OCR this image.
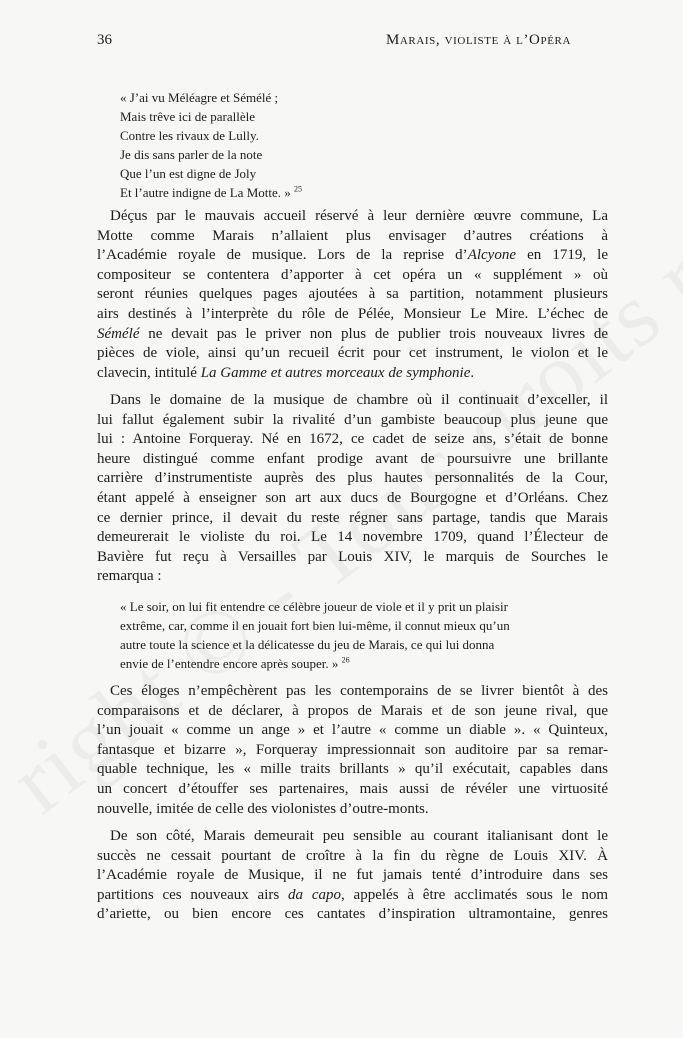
36	Marais, violiste à l’Opéra
« J’ai vu Méléagre et Sémélé ;
Mais trêve ici de parallèle
Contre les rivaux de Lully.
Je dis sans parler de la note
Que l’un est digne de Joly
Et l’autre indigne de La Motte. » $^{25}$

Déçus par le mauvais accueil réservé à leur dernière œuvre commune, La
Motte comme Marais n’allaient plus envisager d’autres créations à
l’Académie royale de musique. Lors de la reprise d’Alcyone en 1719, le
compositeur se contentera d’apporter à cet opéra un « supplément » où
seront réunies quelques pages ajoutées à sa partition, notamment plusieurs
airs destinés à l’interprète du rôle de Pélée, Monsieur Le Mire. L’échec de
Sémélé ne devait pas le priver non plus de publier trois nouveaux livres de
pièces de viole, ainsi qu’un recueil écrit pour cet instrument, le violon et le
clavecin, intitulé La Gamme et autres morceaux de symphonie.

Dans le domaine de la musique de chambre où il continuait d’exceller, il
lui fallut également subir la rivalité d’un gambiste beaucoup plus jeune que
lui : Antoine Forqueray. Né en 1672, ce cadet de seize ans, s’était de bonne
heure distingué comme enfant prodige avant de poursuivre une brillante
carrière d’instrumentiste auprès des plus hautes personnalités de la Cour,
étant appelé à enseigner son art aux ducs de Bourgogne et d’Orléans. Chez
ce dernier prince, il devait du reste régner sans partage, tandis que Marais
demeurerait le violiste du roi. Le 14 novembre 1709, quand l’Électeur de
Bavière fut reçu à Versailles par Louis XIV, le marquis de Sourches le
remarqua :

« Le soir, on lui fit entendre ce célèbre joueur de viole et il y prit un plaisir
extrême, car, comme il en jouait fort bien lui-même, il connut mieux qu’un
autre toute la science et la délicatesse du jeu de Marais, ce qui lui donna
envie de l’entendre encore après souper. » $^{26}$

Ces éloges n’empêchèrent pas les contemporains de se livrer bientôt à des
comparaisons et de déclarer, à propos de Marais et de son jeune rival, que
l’un jouait « comme un ange » et l’autre « comme un diable ». « Quinteux,
fantasque et bizarre », Forqueray impressionnait son auditoire par sa remar-
quable technique, les « mille traits brillants » qu’il exécutait, capables dans
un concert d’étouffer ses partenaires, mais aussi de révéler une virtuosité
nouvelle, imitée de celle des violonistes d’outre-monts.

De son côté, Marais demeurait peu sensible au courant italianisant dont le
succès ne cessait pourtant de croître à la fin du règne de Louis XIV. À
l’Académie royale de Musique, il ne fut jamais tenté d’introduire dans ses
partitions ces nouveaux airs da capo, appelés à être acclimatés sous le nom
d’ariette, ou bien encore ces cantates d’inspiration ultramontaine, genres
